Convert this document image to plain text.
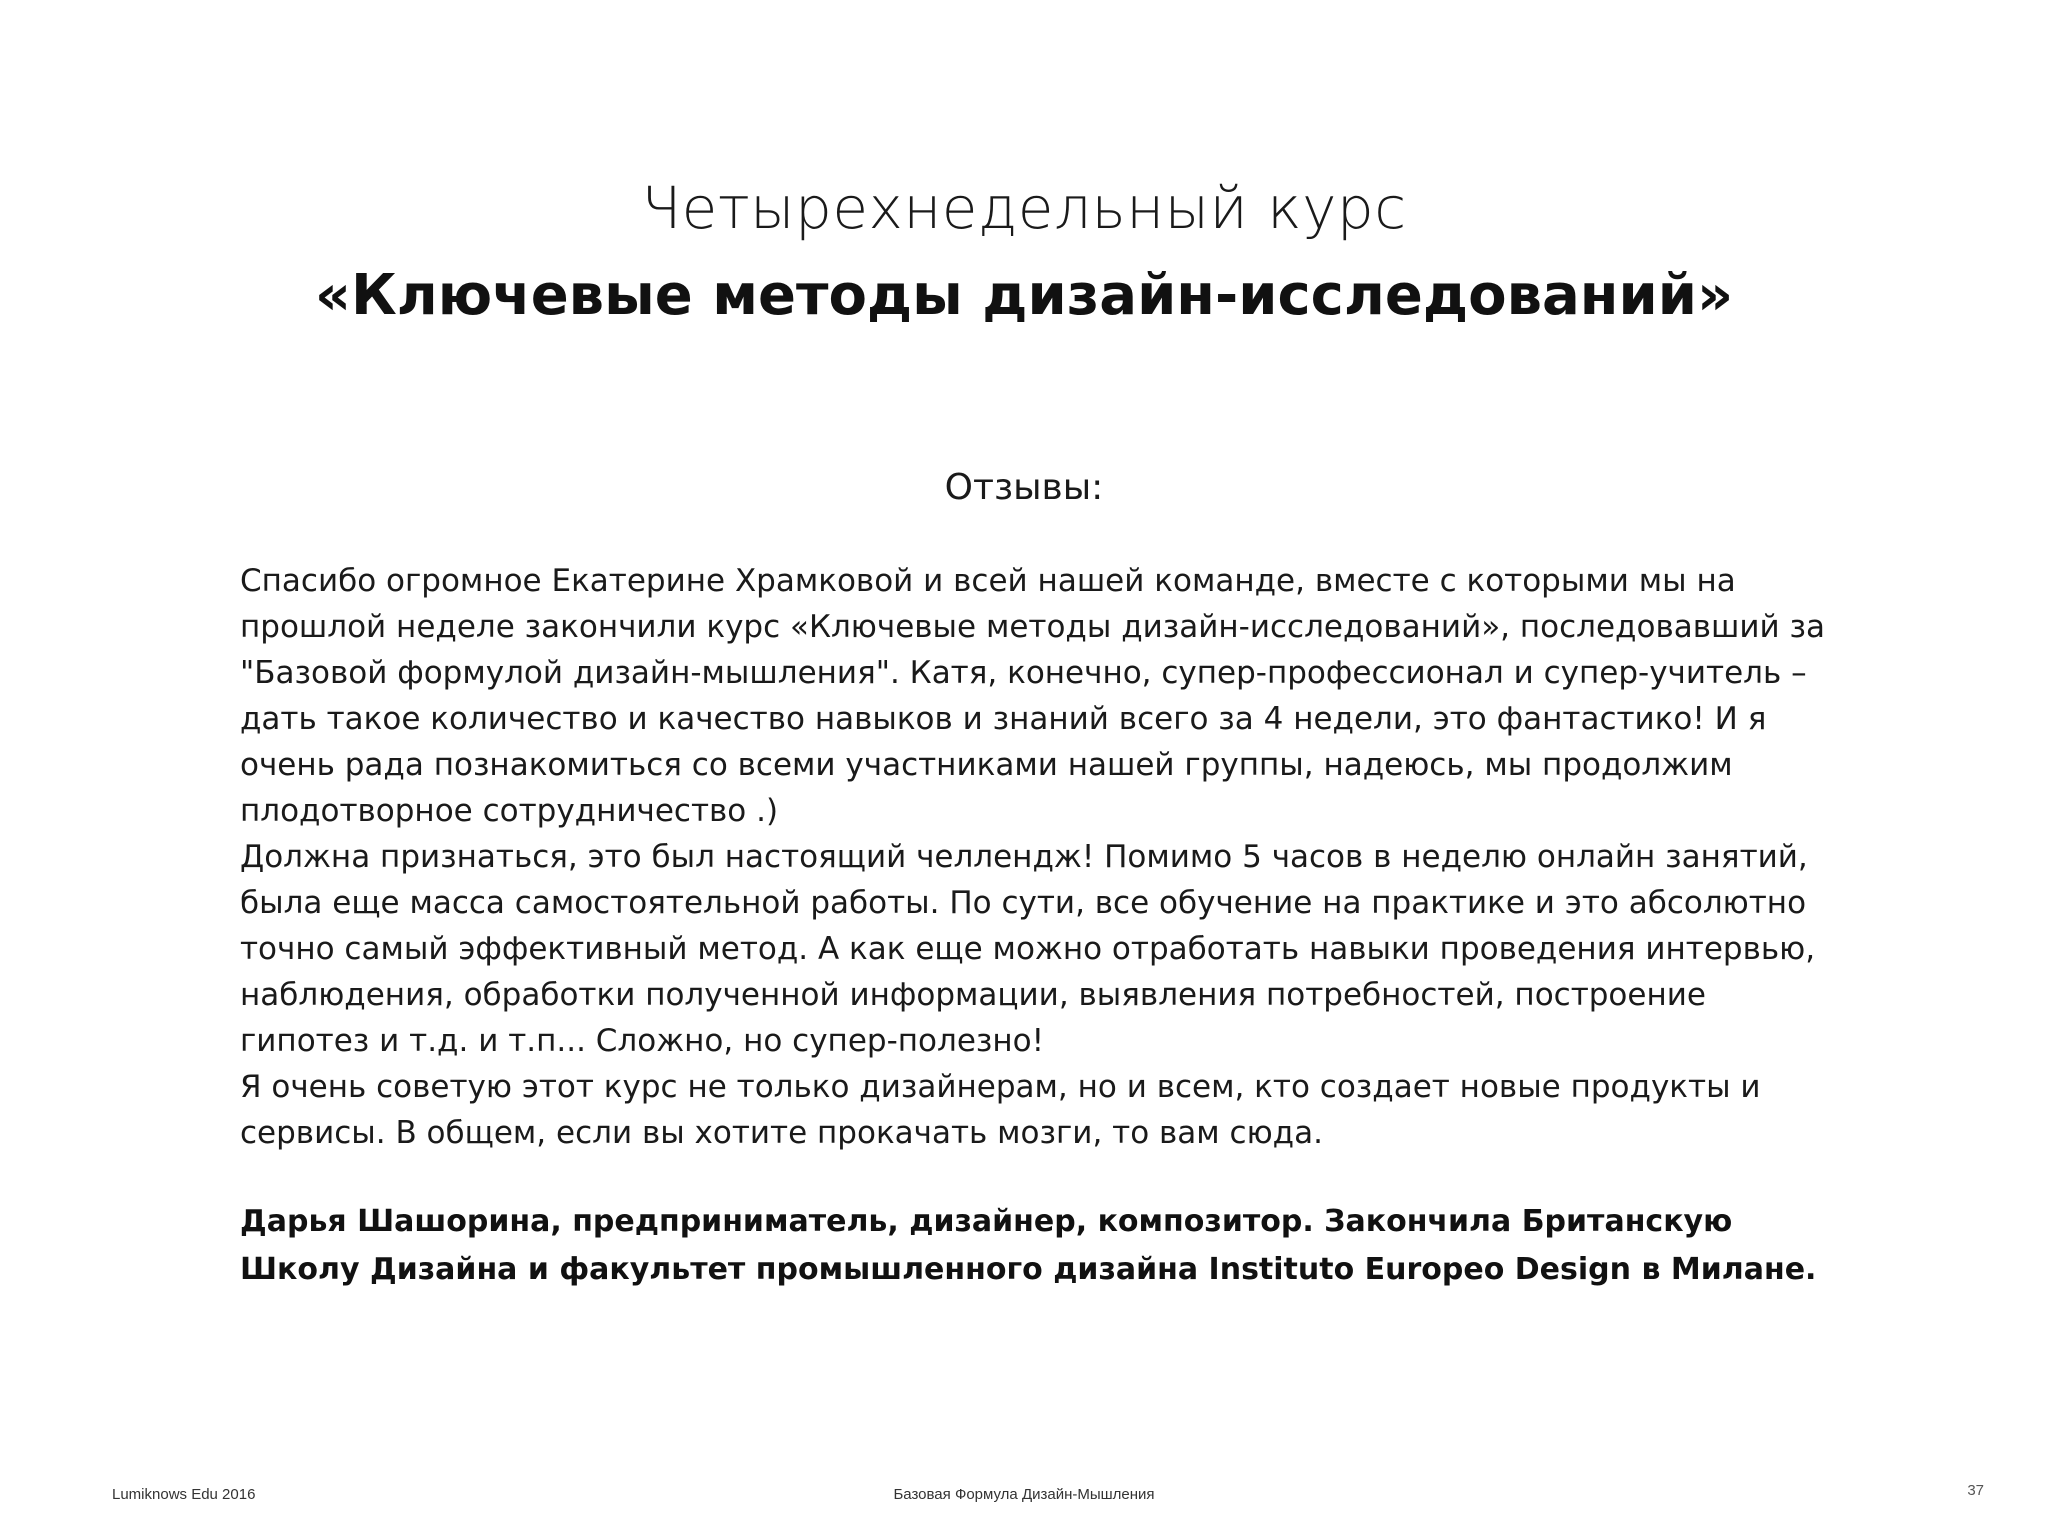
Четырехнедельный курс
«Ключевые методы дизайн-исследований»
Отзывы:
Спасибо огромное Екатерине Храмковой и всей нашей команде, вместе с которыми мы на
прошлой неделе закончили курс «Ключевые методы дизайн-исследований», последовавший за
"Базовой формулой дизайн-мышления". Катя, конечно, супер-профессионал и супер-учитель –
дать такое количество и качество навыков и знаний всего за 4 недели, это фантастико! И я
очень рада познакомиться со всеми участниками нашей группы, надеюсь, мы продолжим
плодотворное сотрудничество .)
Должна признаться, это был настоящий челлендж! Помимо 5 часов в неделю онлайн занятий,
была еще масса самостоятельной работы. По сути, все обучение на практике и это абсолютно
точно самый эффективный метод. А как еще можно отработать навыки проведения интервью,
наблюдения, обработки полученной информации, выявления потребностей, построение
гипотез и т.д. и т.п... Сложно, но супер-полезно!
Я очень советую этот курс не только дизайнерам, но и всем, кто создает новые продукты и
сервисы. В общем, если вы хотите прокачать мозги, то вам сюда.
Дарья Шашорина, предприниматель, дизайнер, композитор. Закончила Британскую
Школу Дизайна и факультет промышленного дизайна Instituto Europeo Design в Милане.
Lumiknows Edu 2016	Базовая Формула Дизайн-Мышления	37
